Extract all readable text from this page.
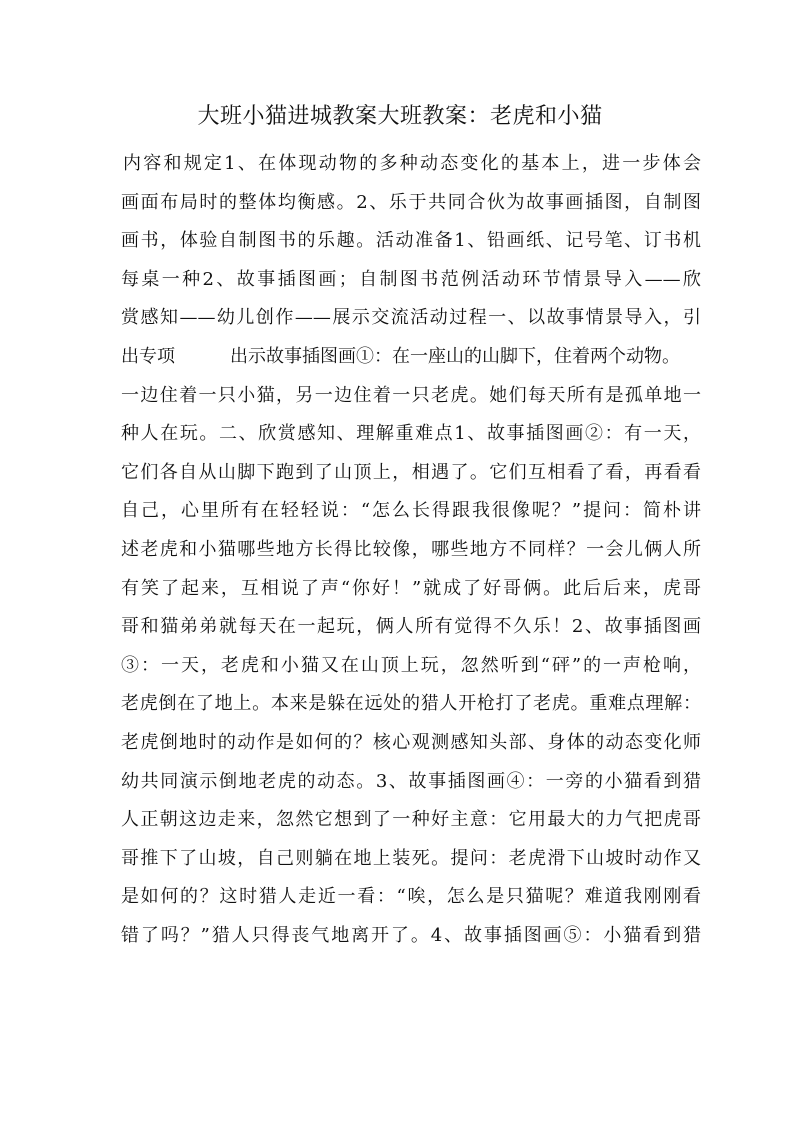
大班小猫进城教案大班教案：老虎和小猫
内容和规定1、在体现动物的多种动态变化的基本上，进一步体会
画面布局时的整体均衡感。2、乐于共同合伙为故事画插图，自制图
画书，体验自制图书的乐趣。活动准备1、铅画纸、记号笔、订书机
每桌一种2、故事插图画；自制图书范例活动环节情景导入——欣
赏感知——幼儿创作——展示交流活动过程一、以故事情景导入，引
出专项	出示故事插图画①：在一座山的山脚下，住着两个动物。
一边住着一只小猫，另一边住着一只老虎。她们每天所有是孤单地一
种人在玩。二、欣赏感知、理解重难点1、故事插图画②：有一天，
它们各自从山脚下跑到了山顶上，相遇了。它们互相看了看，再看看
自己，心里所有在轻轻说：“怎么长得跟我很像呢？”提问：简朴讲
述老虎和小猫哪些地方长得比较像，哪些地方不同样？一会儿俩人所
有笑了起来，互相说了声“你好！”就成了好哥俩。此后后来，虎哥
哥和猫弟弟就每天在一起玩，俩人所有觉得不久乐！2、故事插图画
③：一天，老虎和小猫又在山顶上玩，忽然听到“砰”的一声枪响，
老虎倒在了地上。本来是躲在远处的猎人开枪打了老虎。重难点理解：
老虎倒地时的动作是如何的？核心观测感知头部、身体的动态变化师
幼共同演示倒地老虎的动态。3、故事插图画④：一旁的小猫看到猎
人正朝这边走来，忽然它想到了一种好主意：它用最大的力气把虎哥
哥推下了山坡，自己则躺在地上装死。提问：老虎滑下山坡时动作又
是如何的？这时猎人走近一看：“唉，怎么是只猫呢？难道我刚刚看
错了吗？”猎人只得丧气地离开了。4、故事插图画⑤：小猫看到猎
